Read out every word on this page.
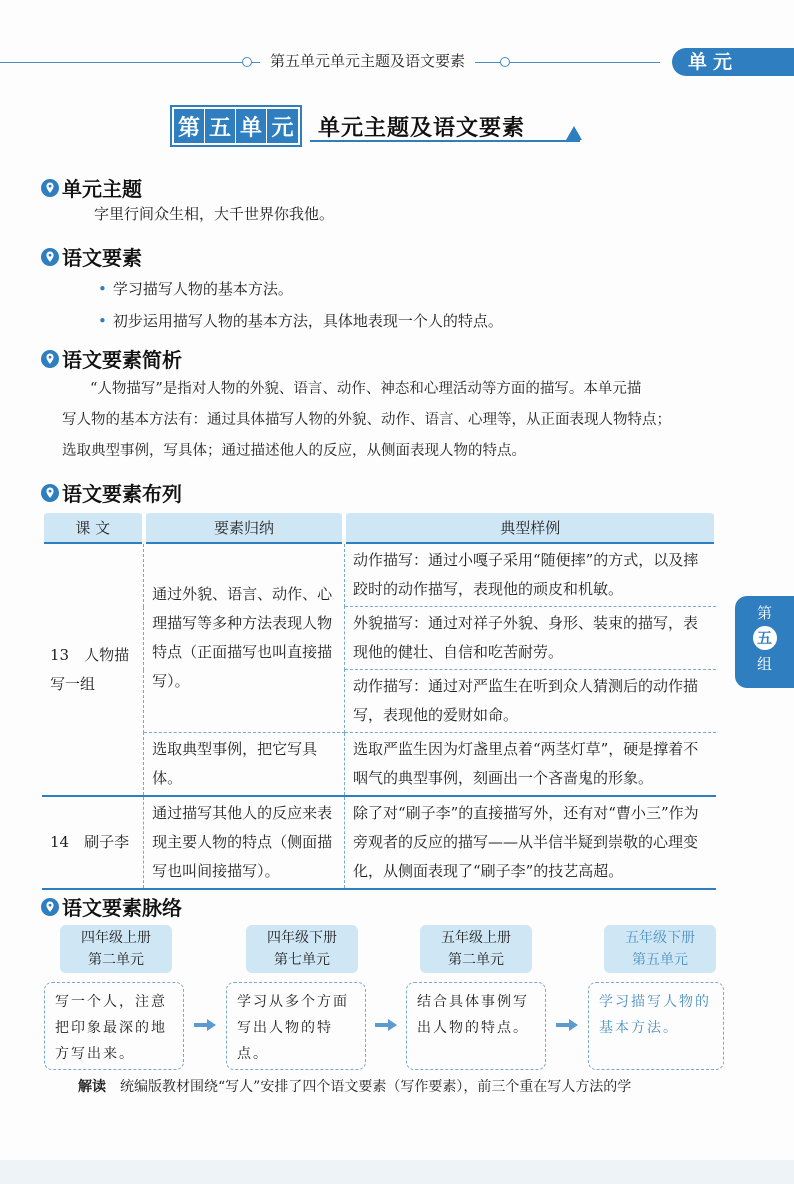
第五单元单元主题及语文要素	单元
第 五 单 元 单元主题及语文要素
单元主题
字里行间众生相，大千世界你我他。
语文要素
• 学习描写人物的基本方法。
• 初步运用描写人物的基本方法，具体地表现一个人的特点。
语文要素简析
“人物描写”是指对人物的外貌、语言、动作、神态和心理活动等方面的描写。本单元描
写人物的基本方法有：通过具体描写人物的外貌、动作、语言、心理等，从正面表现人物特点；
选取典型事例，写具体；通过描述他人的反应，从侧面表现人物的特点。
语文要素布列
课 文	要素归纳	典型样例
13　人物描写一组	通过外貌、语言、动作、心理描写等多种方法表现人物特点（正面描写也叫直接描写）。	动作描写：通过小嘎子采用“随便摔”的方式，以及摔跤时的动作描写，表现他的顽皮和机敏。
		外貌描写：通过对祥子外貌、身形、装束的描写，表现他的健壮、自信和吃苦耐劳。
		动作描写：通过对严监生在听到众人猜测后的动作描写，表现他的爱财如命。
	选取典型事例，把它写具体。	选取严监生因为灯盏里点着“两茎灯草”，硬是撑着不咽气的典型事例，刻画出一个吝啬鬼的形象。
14　刷子李	通过描写其他人的反应来表现主要人物的特点（侧面描写也叫间接描写）。	除了对“刷子李”的直接描写外，还有对“曹小三”作为旁观者的反应的描写——从半信半疑到崇敬的心理变化，从侧面表现了“刷子李”的技艺高超。
第
五
组
语文要素脉络
四年级上册
第二单元
四年级下册
第七单元
五年级上册
第二单元
五年级下册
第五单元
写一个人，注意把印象最深的地方写出来。
学习从多个方面写出人物的特点。
结合具体事例写出人物的特点。
学习描写人物的基本方法。
解读 统编版教材围绕“写人”安排了四个语文要素（写作要素），前三个重在写人方法的学
